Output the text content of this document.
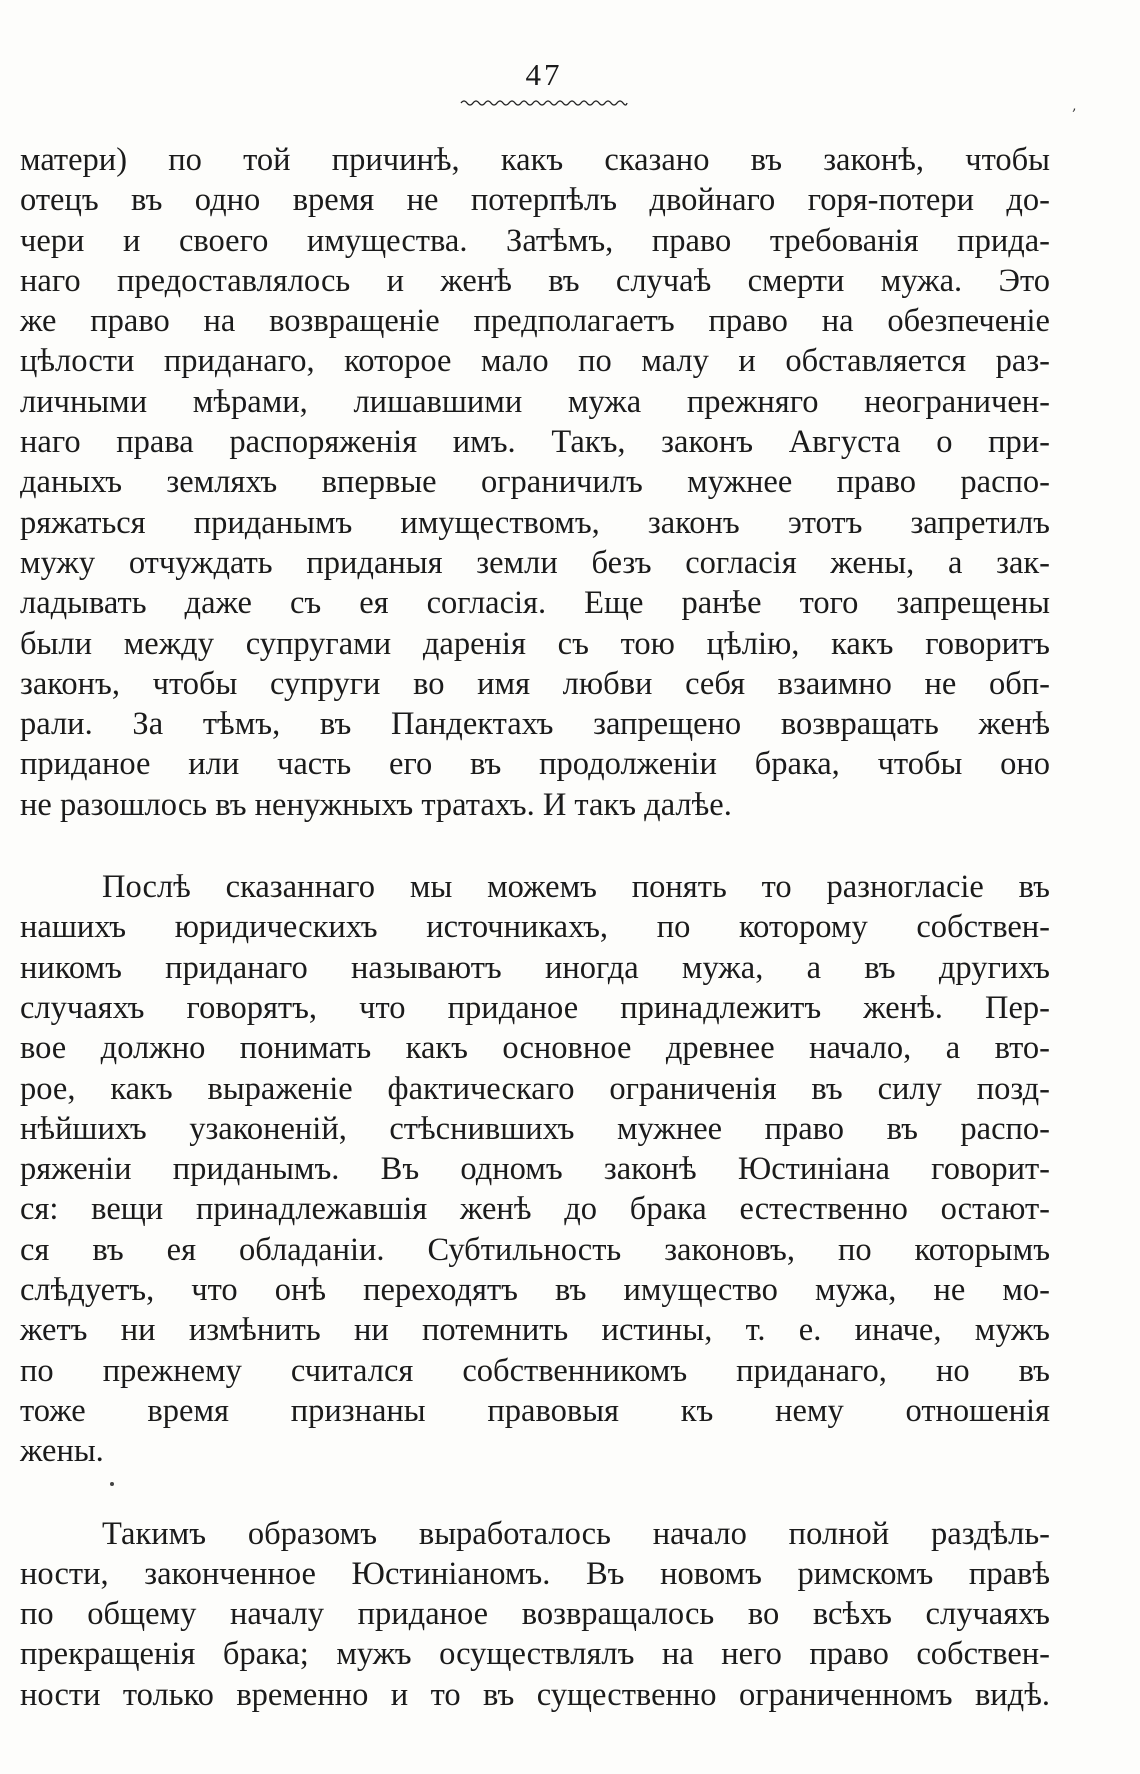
47
‚
матери) по той причинѣ, какъ сказано въ законѣ, чтобы
отецъ въ одно время не потерпѣлъ двойнаго горя-потери до-
чери и своего имущества. Затѣмъ, право требованія прида-
наго предоставлялось и женѣ въ случаѣ смерти мужа. Это
же право на возвращеніе предполагаетъ право на обезпеченіе
цѣлости приданаго, которое мало по малу и обставляется раз-
личными мѣрами, лишавшими мужа прежняго неограничен-
наго права распоряженія имъ. Такъ, законъ Августа о при-
даныхъ земляхъ впервые ограничилъ мужнее право распо-
ряжаться приданымъ имуществомъ, законъ этотъ запретилъ
мужу отчуждать приданыя земли безъ согласія жены, а зак-
ладывать даже съ ея согласія. Еще ранѣе того запрещены
были между супругами даренія съ тою цѣлію, какъ говоритъ
законъ, чтобы супруги во имя любви себя взаимно не обп-
рали. За тѣмъ, въ Пандектахъ запрещено возвращать женѣ
приданое или часть его въ продолженіи брака, чтобы оно
не разошлось въ ненужныхъ тратахъ. И такъ далѣе.
Послѣ сказаннаго мы можемъ понять то разногласіе въ
нашихъ юридическихъ источникахъ, по которому собствен-
никомъ приданаго называютъ иногда мужа, а въ другихъ
случаяхъ говорятъ, что приданое принадлежитъ женѣ. Пер-
вое должно понимать какъ основное древнее начало, а вто-
рое, какъ выраженіе фактическаго ограниченія въ силу позд-
нѣйшихъ узаконеній, стѣснившихъ мужнее право въ распо-
ряженіи приданымъ. Въ одномъ законѣ Юстиніана говорит-
ся: вещи принадлежавшія женѣ до брака естественно остают-
ся въ ея обладаніи. Субтильность законовъ, по которымъ
слѣдуетъ, что онѣ переходятъ въ имущество мужа, не мо-
жетъ ни измѣнить ни потемнить истины, т. е. иначе, мужъ
по прежнему считался собственникомъ приданаго, но въ
тоже время признаны правовыя къ нему отношенія
жены.
Такимъ образомъ выработалось начало полной раздѣль-
ности, законченное Юстиніаномъ. Въ новомъ римскомъ правѣ
по общему началу приданое возвращалось во всѣхъ случаяхъ
прекращенія брака; мужъ осуществлялъ на него право собствен-
ности только временно и то въ существенно ограниченномъ видѣ.
